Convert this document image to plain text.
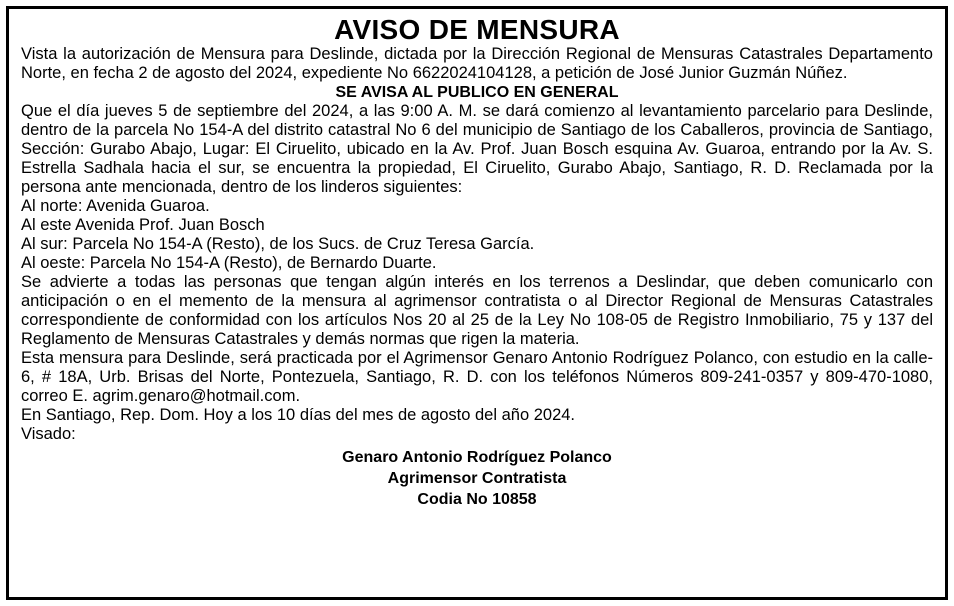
AVISO DE MENSURA

Vista la autorización de Mensura para Deslinde, dictada por la Dirección Regional de Mensuras Catastrales Departamento Norte, en fecha 2 de agosto del 2024, expediente No 6622024104128, a petición de José Junior Guzmán Núñez.

SE AVISA AL PUBLICO EN GENERAL

Que el día jueves 5 de septiembre del 2024, a las 9:00 A. M. se dará comienzo al levantamiento parcelario para Deslinde, dentro de la parcela No 154-A del distrito catastral No 6 del municipio de Santiago de los Caballeros, provincia de Santiago, Sección: Gurabo Abajo, Lugar: El Ciruelito, ubicado en la Av. Prof. Juan Bosch esquina Av. Guaroa, entrando por la Av. S. Estrella Sadhala hacia el sur, se encuentra la propiedad, El Ciruelito, Gurabo Abajo, Santiago, R. D. Reclamada por la persona ante mencionada, dentro de los linderos siguientes:

Al norte: Avenida Guaroa.

Al este Avenida Prof. Juan Bosch

Al sur: Parcela No 154-A (Resto), de los Sucs. de Cruz Teresa García.

Al oeste: Parcela No 154-A (Resto), de Bernardo Duarte.

Se advierte a todas las personas que tengan algún interés en los terrenos a Deslindar, que deben comunicarlo con anticipación o en el memento de la mensura al agrimensor contratista o al Director Regional de Mensuras Catastrales correspondiente de conformidad con los artículos Nos 20 al 25 de la Ley No 108-05 de Registro Inmobiliario, 75 y 137 del Reglamento de Mensuras Catastrales y demás normas que rigen la materia.

Esta mensura para Deslinde, será practicada por el Agrimensor Genaro Antonio Rodríguez Polanco, con estudio en la calle-6, # 18A, Urb. Brisas del Norte, Pontezuela, Santiago, R. D. con los teléfonos Números 809-241-0357 y 809-470-1080, correo E. agrim.genaro@hotmail.com.

En Santiago, Rep. Dom. Hoy a los 10 días del mes de agosto del año 2024.

Visado:

Genaro Antonio Rodríguez Polanco

Agrimensor Contratista

Codia No 10858
